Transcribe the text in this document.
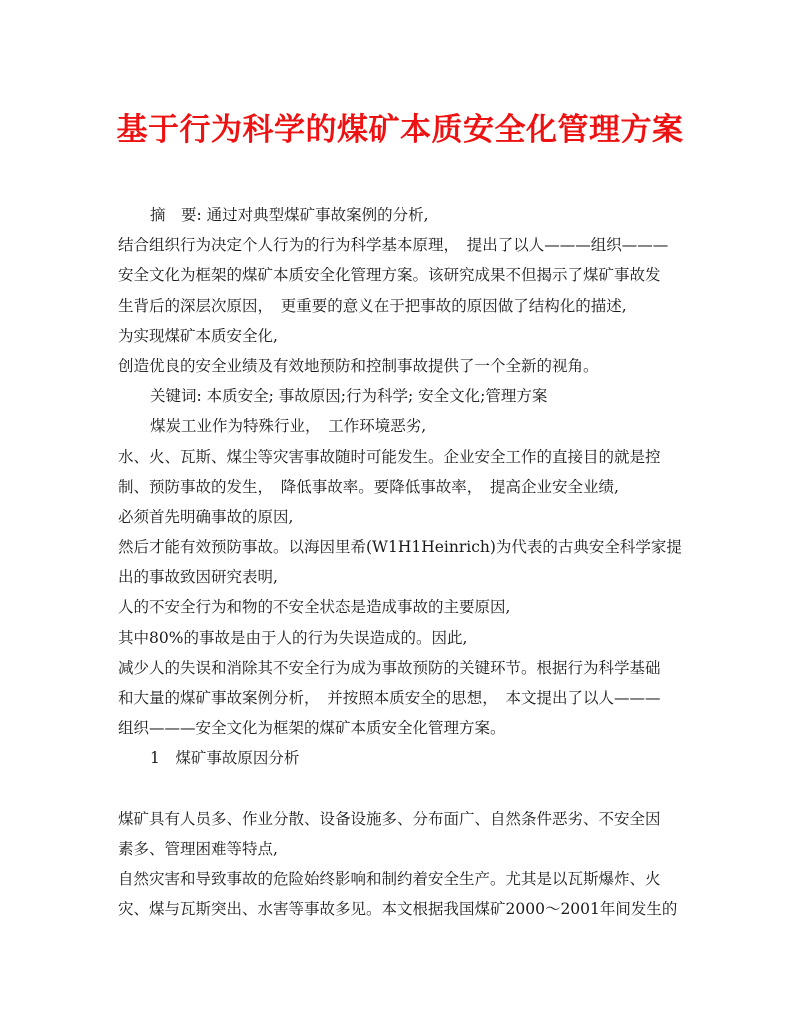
基于行为科学的煤矿本质安全化管理方案
摘　要: 通过对典型煤矿事故案例的分析,
结合组织行为决定个人行为的行为科学基本原理，　提出了以人———组织———
安全文化为框架的煤矿本质安全化管理方案。该研究成果不但揭示了煤矿事故发
生背后的深层次原因，　更重要的意义在于把事故的原因做了结构化的描述,
为实现煤矿本质安全化,
创造优良的安全业绩及有效地预防和控制事故提供了一个全新的视角。
关键词: 本质安全; 事故原因;行为科学; 安全文化;管理方案
煤炭工业作为特殊行业，　工作环境恶劣,
水、火、瓦斯、煤尘等灾害事故随时可能发生。企业安全工作的直接目的就是控
制、预防事故的发生，　降低事故率。要降低事故率，　提高企业安全业绩,
必须首先明确事故的原因,
然后才能有效预防事故。以海因里希(W1H1Heinrich)为代表的古典安全科学家提
出的事故致因研究表明,
人的不安全行为和物的不安全状态是造成事故的主要原因,
其中80%的事故是由于人的行为失误造成的。因此,
减少人的失误和消除其不安全行为成为事故预防的关键环节。根据行为科学基础
和大量的煤矿事故案例分析，　并按照本质安全的思想，　本文提出了以人———
组织———安全文化为框架的煤矿本质安全化管理方案。
1　煤矿事故原因分析
煤矿具有人员多、作业分散、设备设施多、分布面广、自然条件恶劣、不安全因
素多、管理困难等特点,
自然灾害和导致事故的危险始终影响和制约着安全生产。尤其是以瓦斯爆炸、火
灾、煤与瓦斯突出、水害等事故多见。本文根据我国煤矿2000～2001年间发生的
